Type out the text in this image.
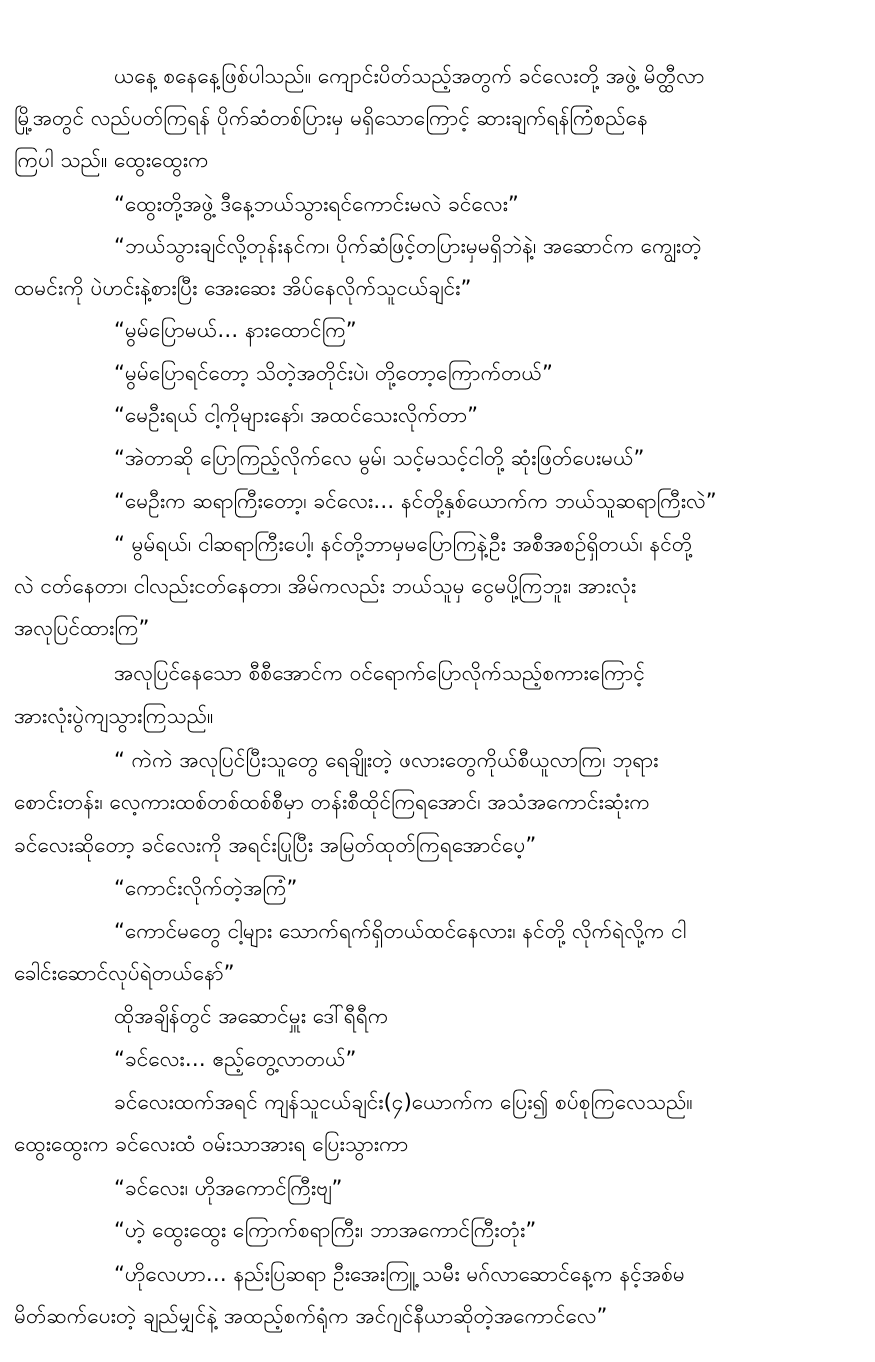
ယနေ့ စနေနေ့ဖြစ်ပါသည်။ ကျောင်းပိတ်သည့်အတွက် ခင်လေးတို့ အဖွဲ့ မိတ္ထီလာ
မြို့အတွင် လည်ပတ်ကြရန် ပိုက်ဆံတစ်ပြားမှ မရှိသောကြောင့် ဆားချက်ရန်ကြံစည်နေ
ကြပါ သည်။ ထွေးထွေးက
“ထွေးတို့အဖွဲ့ ဒီနေ့ဘယ်သွားရင်ကောင်းမလဲ ခင်လေး”
“ဘယ်သွားချင်လို့တုန်းနင်က၊ ပိုက်ဆံဖြင့်တပြားမှမရှိဘဲနဲ့၊ အဆောင်က ကျွေးတဲ့
ထမင်းကို ပဲဟင်းနဲ့စားပြီး အေးဆေး အိပ်နေလိုက်သူငယ်ချင်း”
“မွမ်ပြောမယ်… နားထောင်ကြ”
“မွမ်ပြောရင်တော့ သိတဲ့အတိုင်းပဲ၊ တို့တော့ကြောက်တယ်”
“မေဦးရယ် ငါ့ကိုများနော်၊ အထင်သေးလိုက်တာ”
“အဲတာဆို ပြောကြည့်လိုက်လေ မွမ်၊ သင့်မသင့်ငါတို့ ဆုံးဖြတ်ပေးမယ်”
“မေဦးက ဆရာကြီးတော့၊ ခင်လေး… နင်တို့နှစ်ယောက်က ဘယ်သူဆရာကြီးလဲ”
“ မွမ်ရယ်၊ ငါဆရာကြီးပေါ့၊ နင်တို့ဘာမှမပြောကြနဲ့ဦး အစီအစဉ်ရှိတယ်၊ နင်တို့
လဲ ငတ်နေတာ၊ ငါလည်းငတ်နေတာ၊ အိမ်ကလည်း ဘယ်သူမှ ငွေမပို့ကြဘူး၊ အားလုံး
အလုပြင်ထားကြ”
အလုပြင်နေသော စီစီအောင်က ဝင်ရောက်ပြောလိုက်သည့်စကားကြောင့်
အားလုံးပွဲကျသွားကြသည်။
“ ကဲကဲ အလုပြင်ပြီးသူတွေ ရေချိုးတဲ့ ဖလားတွေကိုယ်စီယူလာကြ၊ ဘုရား
စောင်းတန်း၊ လေ့ကားထစ်တစ်ထစ်စီမှာ တန်းစီထိုင်ကြရအောင်၊ အသံအကောင်းဆုံးက
ခင်လေးဆိုတော့ ခင်လေးကို အရင်းပြုပြီး အမြတ်ထုတ်ကြရအောင်ပေ့”
“ကောင်းလိုက်တဲ့အကြံ”
“ကောင်မတွေ ငါ့များ သောက်ရက်ရှိတယ်ထင်နေလား၊ နင်တို့ လိုက်ရဲလို့က ငါ
ခေါင်းဆောင်လုပ်ရဲတယ်နော်”
ထိုအချိန်တွင် အဆောင်မှူး ဒေါ်ရီရီက
“ခင်လေး… ဧည့်တွေ့လာတယ်”
ခင်လေးထက်အရင် ကျန်သူငယ်ချင်း(၄)ယောက်က ပြေး၍ စပ်စုကြလေသည်။
ထွေးထွေးက ခင်လေးထံ ဝမ်းသာအားရ ပြေးသွားကာ
“ခင်လေး၊ ဟိုအကောင်ကြီးဗျ”
“ဟဲ့ ထွေးထွေး ကြောက်စရာကြီး၊ ဘာအကောင်ကြီးတုံး”
“ဟိုလေဟာ… နည်းပြဆရာ ဦးအေးကြူ့ သမီး မဂ်လာဆောင်နေ့က နင့်အစ်မ
မိတ်ဆက်ပေးတဲ့ ချည်မျှင်နဲ့ အထည့်စက်ရုံက အင်ဂျင်နီယာဆိုတဲ့အကောင်လေ”
